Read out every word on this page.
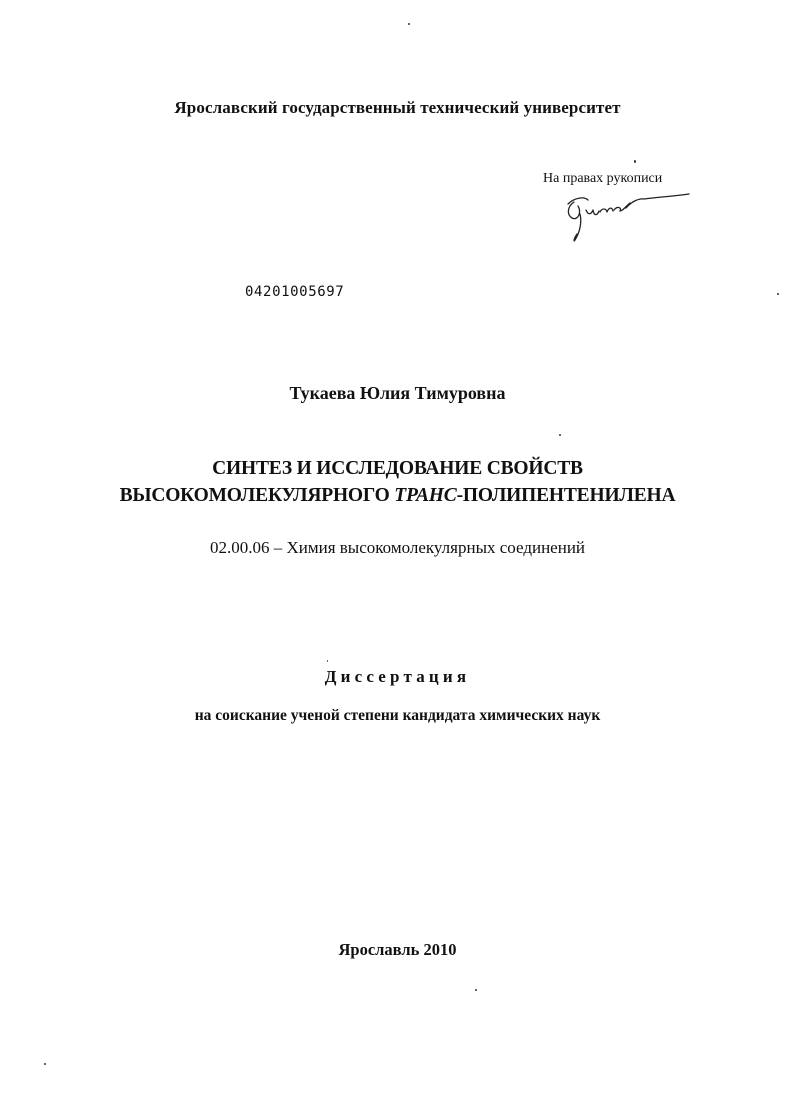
Ярославский государственный технический университет
На правах рукописи
04201005697
Тукаева Юлия Тимуровна
СИНТЕЗ И ИССЛЕДОВАНИЕ СВОЙСТВ
ВЫСОКОМОЛЕКУЛЯРНОГО ТРАНС-ПОЛИПЕНТЕНИЛЕНА
02.00.06 – Химия высокомолекулярных соединений
Диссертация
на соискание ученой степени кандидата химических наук
Ярославль 2010
